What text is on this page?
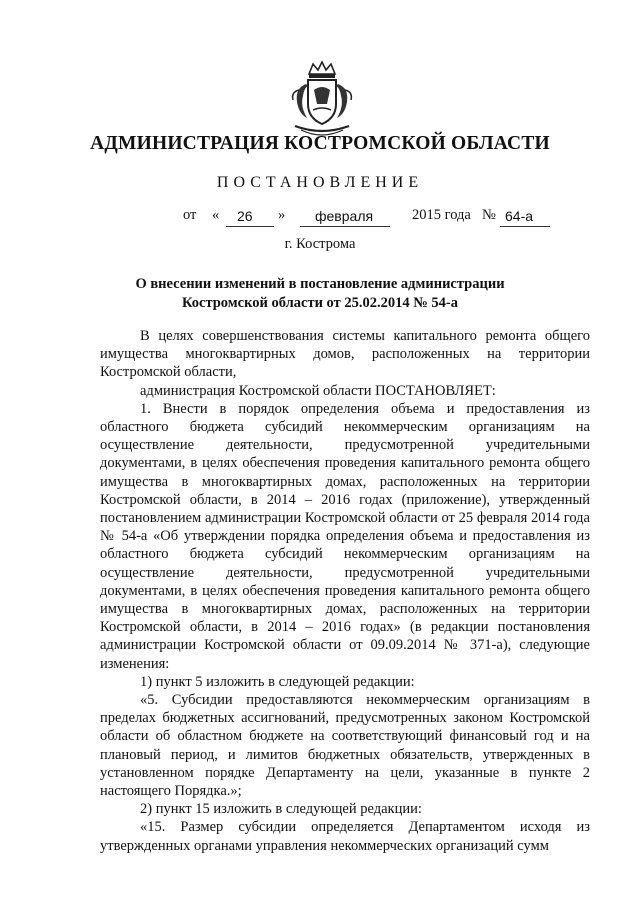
АДМИНИСТРАЦИЯ КОСТРОМСКОЙ ОБЛАСТИ
ПОСТАНОВЛЕНИЕ
от « 26 » февраля	2015 года № 64-а
г. Кострома
О внесении изменений в постановление администрации
Костромской области от 25.02.2014 № 54-а

В целях совершенствования системы капитального ремонта общего имущества многоквартирных домов, расположенных на территории Костромской области,

администрация Костромской области ПОСТАНОВЛЯЕТ:

1. Внести в порядок определения объема и предоставления из областного бюджета субсидий некоммерческим организациям на осуществление деятельности, предусмотренной учредительными документами, в целях обеспечения проведения капитального ремонта общего имущества в многоквартирных домах, расположенных на территории Костромской области, в 2014 – 2016 годах (приложение), утвержденный постановлением администрации Костромской области от 25 февраля 2014 года № 54-а «Об утверждении порядка определения объема и предоставления из областного бюджета субсидий некоммерческим организациям на осуществление деятельности, предусмотренной учредительными документами, в целях обеспечения проведения капитального ремонта общего имущества в многоквартирных домах, расположенных на территории Костромской области, в 2014 – 2016 годах» (в редакции постановления администрации Костромской области от 09.09.2014 № 371-а), следующие изменения:

1) пункт 5 изложить в следующей редакции:

«5. Субсидии предоставляются некоммерческим организациям в пределах бюджетных ассигнований, предусмотренных законом Костромской области об областном бюджете на соответствующий финансовый год и на плановый период, и лимитов бюджетных обязательств, утвержденных в установленном порядке Департаменту на цели, указанные в пункте 2 настоящего Порядка.»;

2) пункт 15 изложить в следующей редакции:

«15. Размер субсидии определяется Департаментом исходя из утвержденных органами управления некоммерческих организаций сумм
